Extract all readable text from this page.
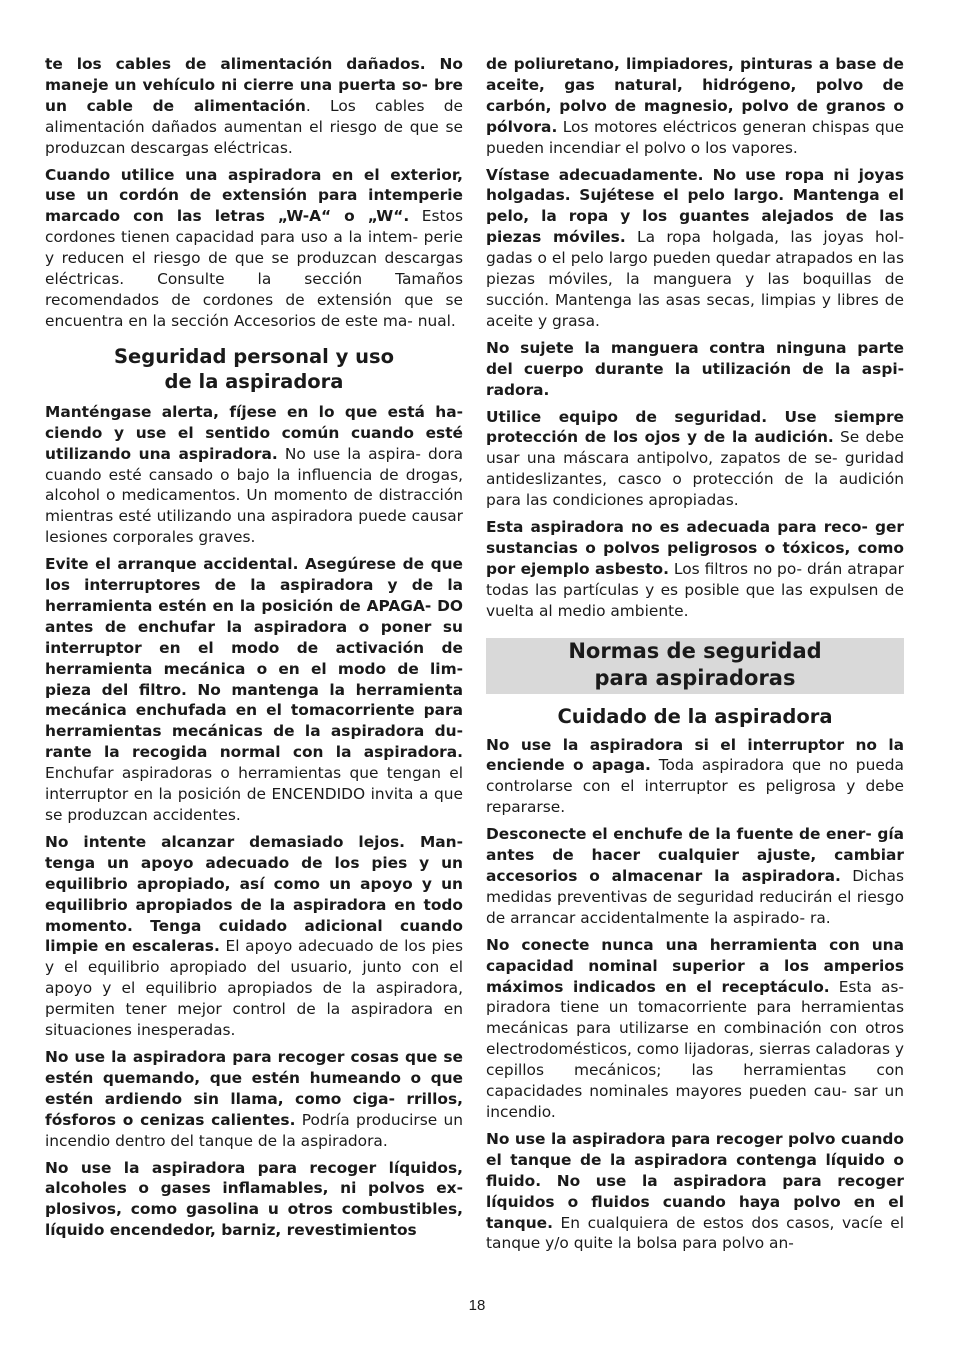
te los cables de alimentación dañados. No maneje un vehículo ni cierre una puerta so- bre un cable de alimentación. Los cables de alimentación dañados aumentan el riesgo de que se produzcan descargas eléctricas.

Cuando utilice una aspiradora en el exterior, use un cordón de extensión para intemperie marcado con las letras „W-A“ o „W“. Estos cordones tienen capacidad para uso a la intem- perie y reducen el riesgo de que se produzcan descargas eléctricas. Consulte la sección Tamaños recomendados de cordones de extensión que se encuentra en la sección Accesorios de este ma- nual.

Seguridad personal y uso
de la aspiradora

Manténgase alerta, fíjese en lo que está ha- ciendo y use el sentido común cuando esté utilizando una aspiradora. No use la aspira- dora cuando esté cansado o bajo la influencia de drogas, alcohol o medicamentos. Un momento de distracción mientras esté utilizando una aspiradora puede causar lesiones corporales graves.

Evite el arranque accidental. Asegúrese de que los interruptores de la aspiradora y de la herramienta estén en la posición de APAGA- DO antes de enchufar la aspiradora o poner su interruptor en el modo de activación de herramienta mecánica o en el modo de lim- pieza del filtro. No mantenga la herramienta mecánica enchufada en el tomacorriente para herramientas mecánicas de la aspiradora du- rante la recogida normal con la aspiradora. Enchufar aspiradoras o herramientas que tengan el interruptor en la posición de ENCENDIDO invita a que se produzcan accidentes.

No intente alcanzar demasiado lejos. Man- tenga un apoyo adecuado de los pies y un equilibrio apropiado, así como un apoyo y un equilibrio apropiados de la aspiradora en todo momento. Tenga cuidado adicional cuando limpie en escaleras. El apoyo adecuado de los pies y el equilibrio apropiado del usuario, junto con el apoyo y el equilibrio apropiados de la aspiradora, permiten tener mejor control de la aspiradora en situaciones inesperadas.

No use la aspiradora para recoger cosas que se estén quemando, que estén humeando o que estén ardiendo sin llama, como ciga- rrillos, fósforos o cenizas calientes. Podría producirse un incendio dentro del tanque de la aspiradora.

No use la aspiradora para recoger líquidos, alcoholes o gases inflamables, ni polvos ex- plosivos, como gasolina u otros combustibles, líquido encendedor, barniz, revestimientos

de poliuretano, limpiadores, pinturas a base de aceite, gas natural, hidrógeno, polvo de carbón, polvo de magnesio, polvo de granos o pólvora. Los motores eléctricos generan chispas que pueden incendiar el polvo o los vapores.

Vístase adecuadamente. No use ropa ni joyas holgadas. Sujétese el pelo largo. Mantenga el pelo, la ropa y los guantes alejados de las piezas móviles. La ropa holgada, las joyas hol- gadas o el pelo largo pueden quedar atrapados en las piezas móviles, la manguera y las boquillas de succión. Mantenga las asas secas, limpias y libres de aceite y grasa.

No sujete la manguera contra ninguna parte del cuerpo durante la utilización de la aspi- radora.

Utilice equipo de seguridad. Use siempre protección de los ojos y de la audición. Se debe usar una máscara antipolvo, zapatos de se- guridad antideslizantes, casco o protección de la audición para las condiciones apropiadas.

Esta aspiradora no es adecuada para reco- ger sustancias o polvos peligrosos o tóxicos, como por ejemplo asbesto. Los filtros no po- drán atrapar todas las partículas y es posible que las expulsen de vuelta al medio ambiente.

Normas de seguridad
para aspiradoras
Cuidado de la aspiradora

No use la aspiradora si el interruptor no la enciende o apaga. Toda aspiradora que no pueda controlarse con el interruptor es peligrosa y debe repararse.

Desconecte el enchufe de la fuente de ener- gía antes de hacer cualquier ajuste, cambiar accesorios o almacenar la aspiradora. Dichas medidas preventivas de seguridad reducirán el riesgo de arrancar accidentalmente la aspirado- ra.

No conecte nunca una herramienta con una capacidad nominal superior a los amperios máximos indicados en el receptáculo. Esta as- piradora tiene un tomacorriente para herramientas mecánicas para utilizarse en combinación con otros electrodomésticos, como lijadoras, sierras caladoras y cepillos mecánicos; las herramientas con capacidades nominales mayores pueden cau- sar un incendio.

No use la aspiradora para recoger polvo cuando el tanque de la aspiradora contenga líquido o fluido. No use la aspiradora para recoger líquidos o fluidos cuando haya polvo en el tanque. En cualquiera de estos dos casos, vacíe el tanque y/o quite la bolsa para polvo an-

18
